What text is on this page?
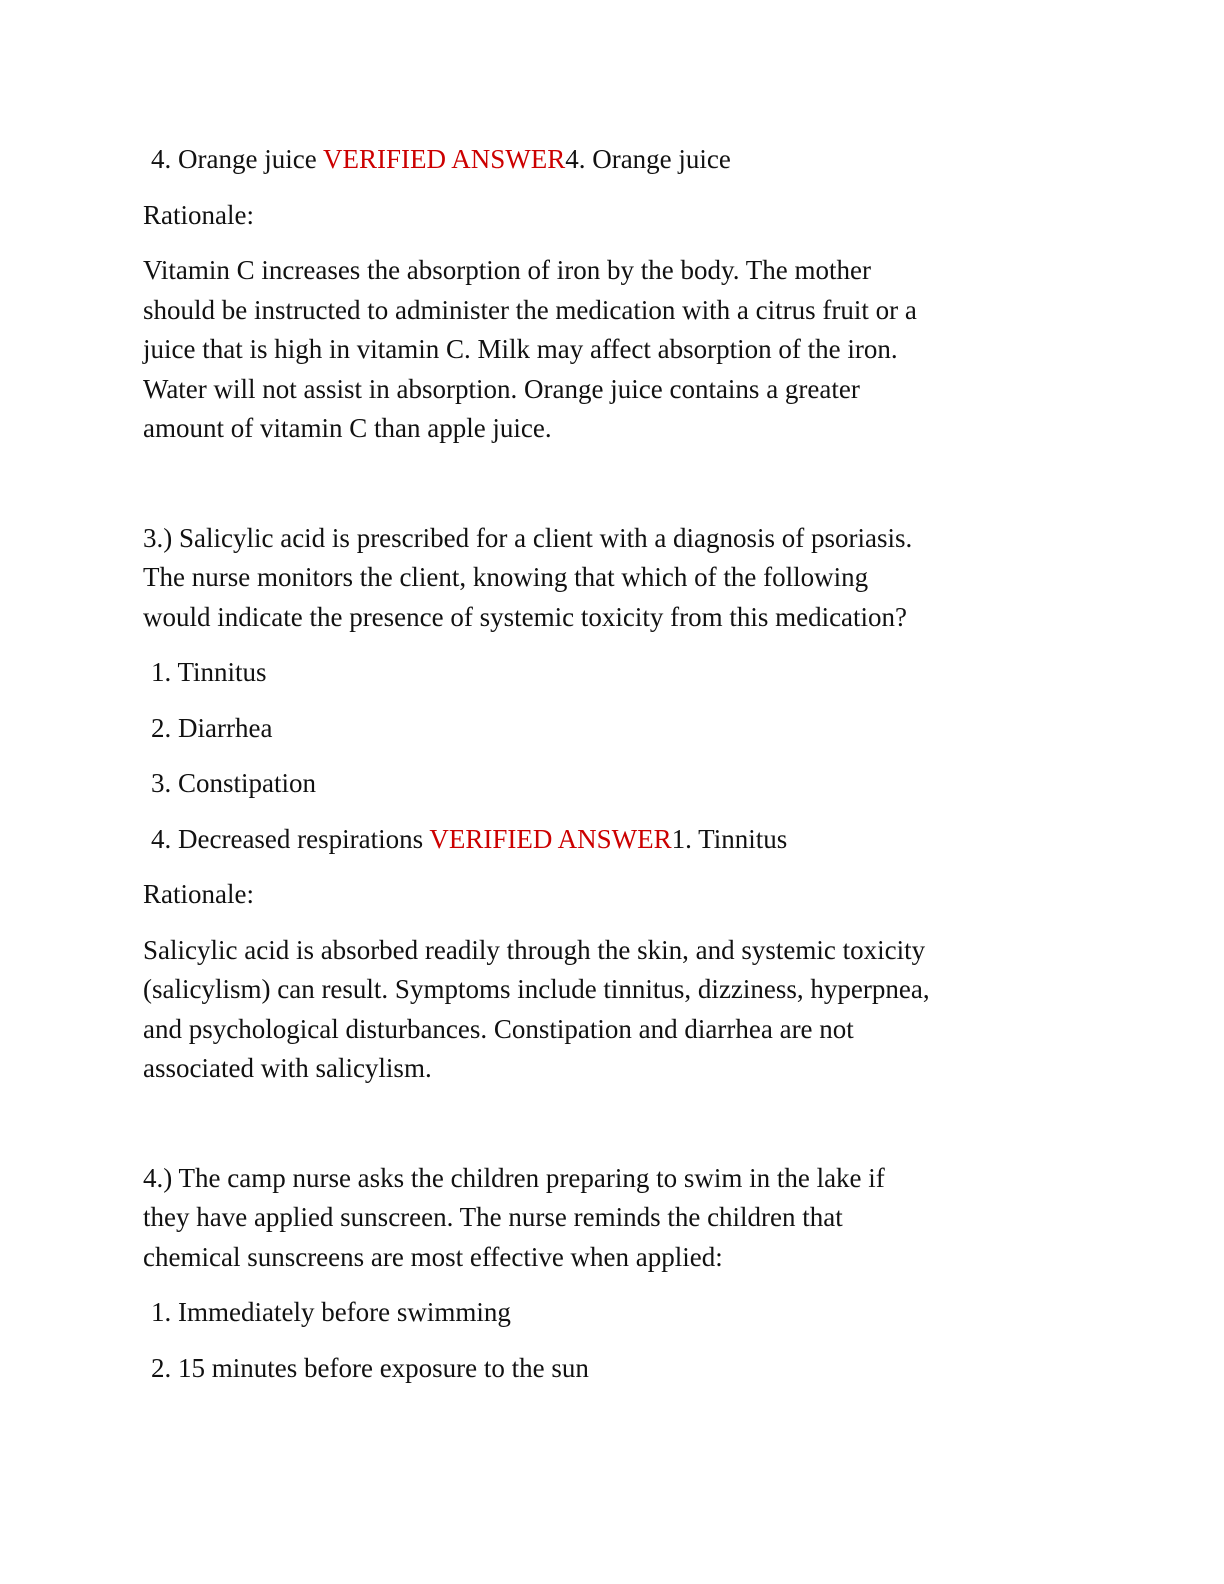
4. Orange juice VERIFIED ANSWER4. Orange juice

Rationale:

Vitamin C increases the absorption of iron by the body. The mother
should be instructed to administer the medication with a citrus fruit or a
juice that is high in vitamin C. Milk may affect absorption of the iron.
Water will not assist in absorption. Orange juice contains a greater
amount of vitamin C than apple juice.
3.) Salicylic acid is prescribed for a client with a diagnosis of psoriasis.
The nurse monitors the client, knowing that which of the following
would indicate the presence of systemic toxicity from this medication?

1. Tinnitus

2. Diarrhea

3. Constipation

4. Decreased respirations VERIFIED ANSWER1. Tinnitus

Rationale:

Salicylic acid is absorbed readily through the skin, and systemic toxicity
(salicylism) can result. Symptoms include tinnitus, dizziness, hyperpnea,
and psychological disturbances. Constipation and diarrhea are not
associated with salicylism.
4.) The camp nurse asks the children preparing to swim in the lake if
they have applied sunscreen. The nurse reminds the children that
chemical sunscreens are most effective when applied:

1. Immediately before swimming

2. 15 minutes before exposure to the sun
